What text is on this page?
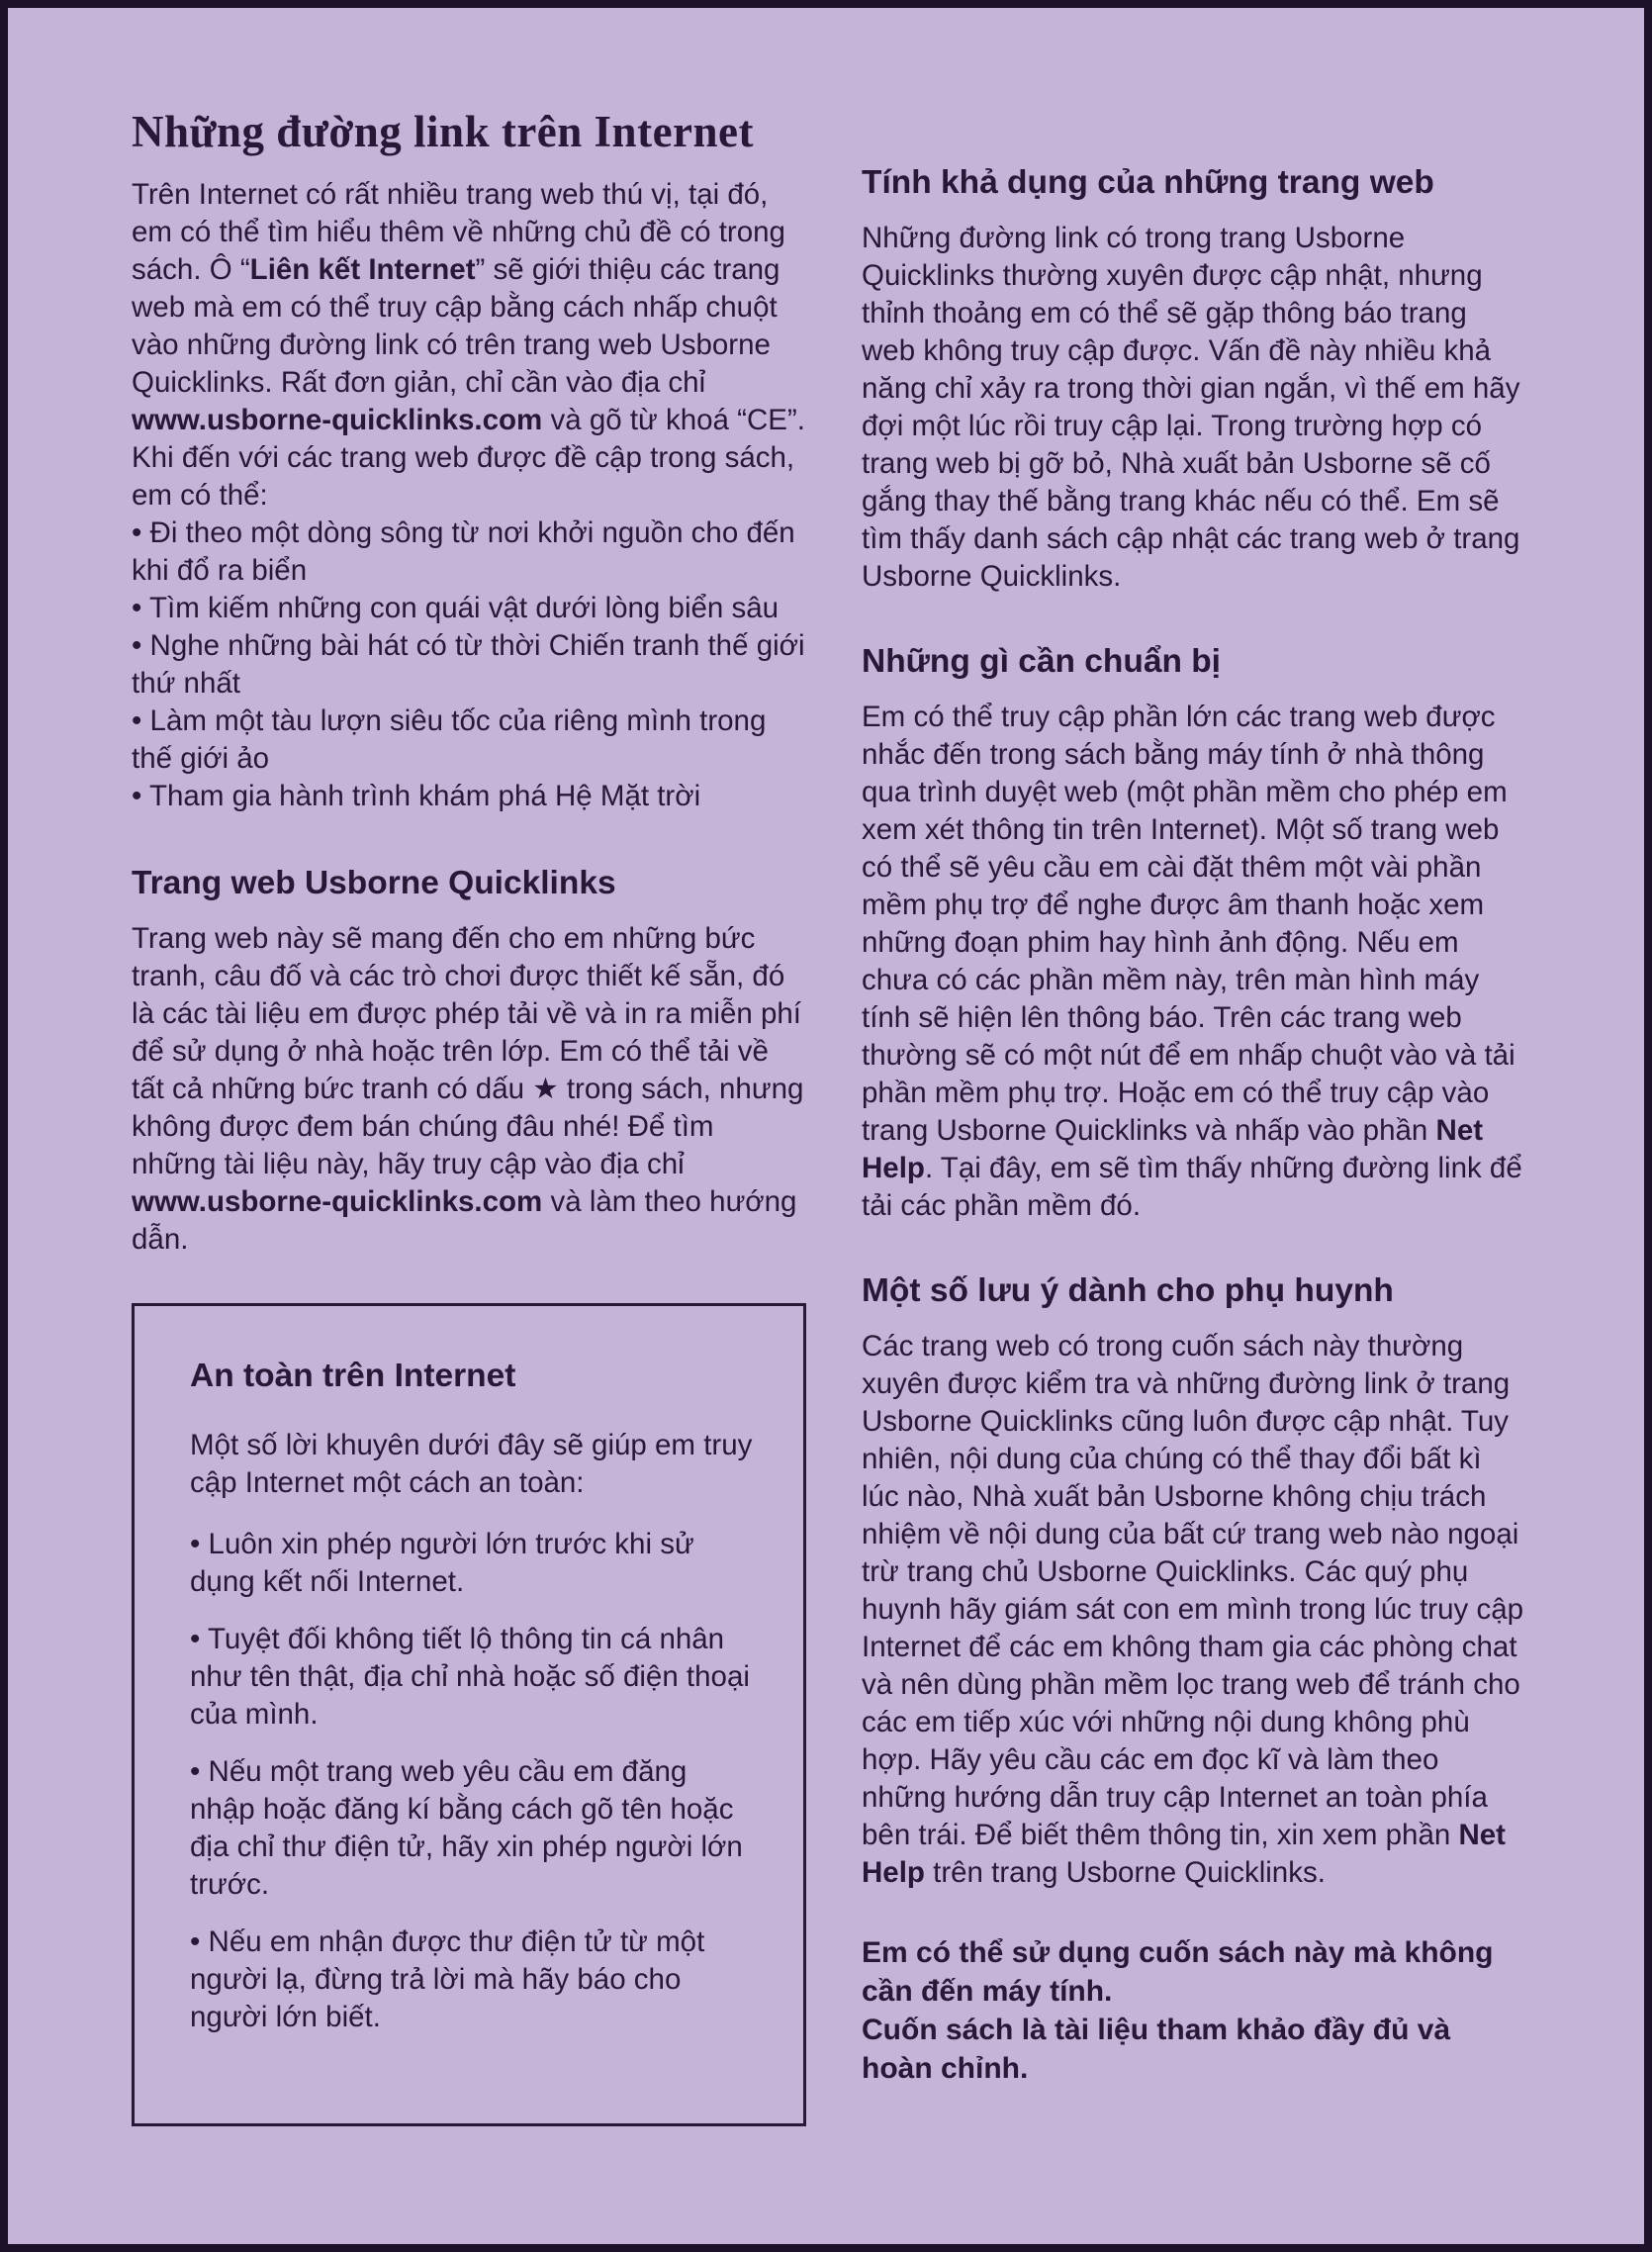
Những đường link trên Internet

Trên Internet có rất nhiều trang web thú vị, tại đó, em có thể tìm hiểu thêm về những chủ đề có trong sách. Ô “Liên kết Internet” sẽ giới thiệu các trang web mà em có thể truy cập bằng cách nhấp chuột vào những đường link có trên trang web Usborne Quicklinks. Rất đơn giản, chỉ cần vào địa chỉ www.usborne-quicklinks.com và gõ từ khoá “CE”. Khi đến với các trang web được đề cập trong sách, em có thể:

• Đi theo một dòng sông từ nơi khởi nguồn cho đến khi đổ ra biển

• Tìm kiếm những con quái vật dưới lòng biển sâu

• Nghe những bài hát có từ thời Chiến tranh thế giới thứ nhất

• Làm một tàu lượn siêu tốc của riêng mình trong thế giới ảo

• Tham gia hành trình khám phá Hệ Mặt trời

Trang web Usborne Quicklinks

Trang web này sẽ mang đến cho em những bức tranh, câu đố và các trò chơi được thiết kế sẵn, đó là các tài liệu em được phép tải về và in ra miễn phí để sử dụng ở nhà hoặc trên lớp. Em có thể tải về tất cả những bức tranh có dấu ★ trong sách, nhưng không được đem bán chúng đâu nhé! Để tìm những tài liệu này, hãy truy cập vào địa chỉ www.usborne-quicklinks.com và làm theo hướng dẫn.

An toàn trên Internet

Một số lời khuyên dưới đây sẽ giúp em truy cập Internet một cách an toàn:

• Luôn xin phép người lớn trước khi sử dụng kết nối Internet.

• Tuyệt đối không tiết lộ thông tin cá nhân như tên thật, địa chỉ nhà hoặc số điện thoại của mình.

• Nếu một trang web yêu cầu em đăng nhập hoặc đăng kí bằng cách gõ tên hoặc địa chỉ thư điện tử, hãy xin phép người lớn trước.

• Nếu em nhận được thư điện tử từ một người lạ, đừng trả lời mà hãy báo cho người lớn biết.

Tính khả dụng của những trang web

Những đường link có trong trang Usborne Quicklinks thường xuyên được cập nhật, nhưng thỉnh thoảng em có thể sẽ gặp thông báo trang web không truy cập được. Vấn đề này nhiều khả năng chỉ xảy ra trong thời gian ngắn, vì thế em hãy đợi một lúc rồi truy cập lại. Trong trường hợp có trang web bị gỡ bỏ, Nhà xuất bản Usborne sẽ cố gắng thay thế bằng trang khác nếu có thể. Em sẽ tìm thấy danh sách cập nhật các trang web ở trang Usborne Quicklinks.

Những gì cần chuẩn bị

Em có thể truy cập phần lớn các trang web được nhắc đến trong sách bằng máy tính ở nhà thông qua trình duyệt web (một phần mềm cho phép em xem xét thông tin trên Internet). Một số trang web có thể sẽ yêu cầu em cài đặt thêm một vài phần mềm phụ trợ để nghe được âm thanh hoặc xem những đoạn phim hay hình ảnh động. Nếu em chưa có các phần mềm này, trên màn hình máy tính sẽ hiện lên thông báo. Trên các trang web thường sẽ có một nút để em nhấp chuột vào và tải phần mềm phụ trợ. Hoặc em có thể truy cập vào trang Usborne Quicklinks và nhấp vào phần Net Help. Tại đây, em sẽ tìm thấy những đường link để tải các phần mềm đó.

Một số lưu ý dành cho phụ huynh

Các trang web có trong cuốn sách này thường xuyên được kiểm tra và những đường link ở trang Usborne Quicklinks cũng luôn được cập nhật. Tuy nhiên, nội dung của chúng có thể thay đổi bất kì lúc nào, Nhà xuất bản Usborne không chịu trách nhiệm về nội dung của bất cứ trang web nào ngoại trừ trang chủ Usborne Quicklinks. Các quý phụ huynh hãy giám sát con em mình trong lúc truy cập Internet để các em không tham gia các phòng chat và nên dùng phần mềm lọc trang web để tránh cho các em tiếp xúc với những nội dung không phù hợp. Hãy yêu cầu các em đọc kĩ và làm theo những hướng dẫn truy cập Internet an toàn phía bên trái. Để biết thêm thông tin, xin xem phần Net Help trên trang Usborne Quicklinks.

Em có thể sử dụng cuốn sách này mà không cần đến máy tính.

Cuốn sách là tài liệu tham khảo đầy đủ và hoàn chỉnh.
